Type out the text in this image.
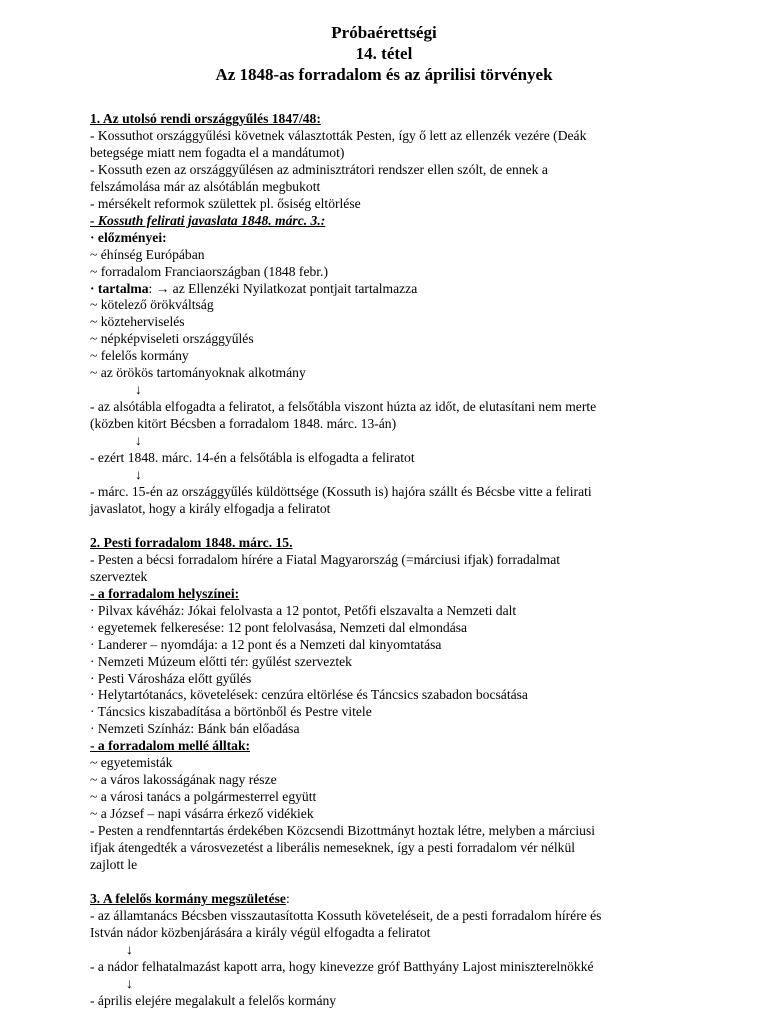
Próbaérettségi
14. tétel
Az 1848-as forradalom és az áprilisi törvények
1. Az utolsó rendi országgyűlés 1847/48:
- Kossuthot országgyűlési követnek választották Pesten, így ő lett az ellenzék vezére (Deák
betegsége miatt nem fogadta el a mandátumot)
- Kossuth ezen az országgyűlésen az adminisztrátori rendszer ellen szólt, de ennek a
felszámolása már az alsótáblán megbukott
- mérsékelt reformok születtek pl. ősiség eltörlése
- Kossuth felirati javaslata 1848. márc. 3.:
· előzményei:
~ éhínség Európában
~ forradalom Franciaországban (1848 febr.)
· tartalma: → az Ellenzéki Nyilatkozat pontjait tartalmazza
~ kötelező örökváltság
~ közteherviselés
~ népképviseleti országgyűlés
~ felelős kormány
~ az örökös tartományoknak alkotmány
↓
- az alsótábla elfogadta a feliratot, a felsőtábla viszont húzta az időt, de elutasítani nem merte
(közben kitört Bécsben a forradalom 1848. márc. 13-án)
↓
- ezért 1848. márc. 14-én a felsőtábla is elfogadta a feliratot
↓
- márc. 15-én az országgyűlés küldöttsége (Kossuth is) hajóra szállt és Bécsbe vitte a felirati
javaslatot, hogy a király elfogadja a feliratot
2. Pesti forradalom 1848. márc. 15.
- Pesten a bécsi forradalom hírére a Fiatal Magyarország (=márciusi ifjak) forradalmat
szerveztek
- a forradalom helyszínei:
· Pilvax kávéház: Jókai felolvasta a 12 pontot, Petőfi elszavalta a Nemzeti dalt
· egyetemek felkeresése: 12 pont felolvasása, Nemzeti dal elmondása
· Landerer – nyomdája: a 12 pont és a Nemzeti dal kinyomtatása
· Nemzeti Múzeum előtti tér: gyűlést szerveztek
· Pesti Városháza előtt gyűlés
· Helytartótanács, követelések: cenzúra eltörlése és Táncsics szabadon bocsátása
· Táncsics kiszabadítása a börtönből és Pestre vitele
· Nemzeti Színház: Bánk bán előadása
- a forradalom mellé álltak:
~ egyetemisták
~ a város lakosságának nagy része
~ a városi tanács a polgármesterrel együtt
~ a József – napi vásárra érkező vidékiek
- Pesten a rendfenntartás érdekében Közcsendi Bizottmányt hoztak létre, melyben a márciusi
ifjak átengedték a városvezetést a liberális nemeseknek, így a pesti forradalom vér nélkül
zajlott le
3. A felelős kormány megszületése:
- az államtanács Bécsben visszautasította Kossuth követeléseit, de a pesti forradalom hírére és
István nádor közbenjárására a király végül elfogadta a feliratot
↓
- a nádor felhatalmazást kapott arra, hogy kinevezze gróf Batthyány Lajost miniszterelnökké
↓
- április elejére megalakult a felelős kormány
